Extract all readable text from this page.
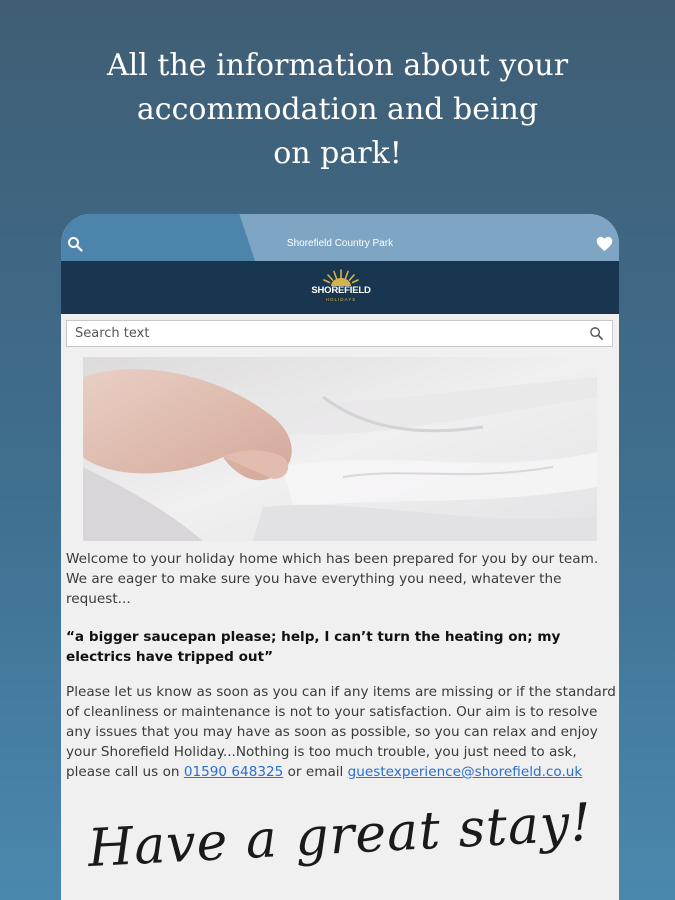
All the information about your
accommodation and being
on park!
Shorefield Country Park
SHOREFIELD
HOLIDAYS
Search text

Welcome to your holiday home which has been prepared for you by our team. We are eager to make sure you have everything you need, whatever the request...

“a bigger saucepan please; help, I can’t turn the heating on; my electrics have tripped out”

Please let us know as soon as you can if any items are missing or if the standard of cleanliness or maintenance is not to your satisfaction. Our aim is to resolve any issues that you may have as soon as possible, so you can relax and enjoy your Shorefield Holiday...Nothing is too much trouble, you just need to ask, please call us on 01590 648325 or email guestexperience@shorefield.co.uk

Have a great stay!
